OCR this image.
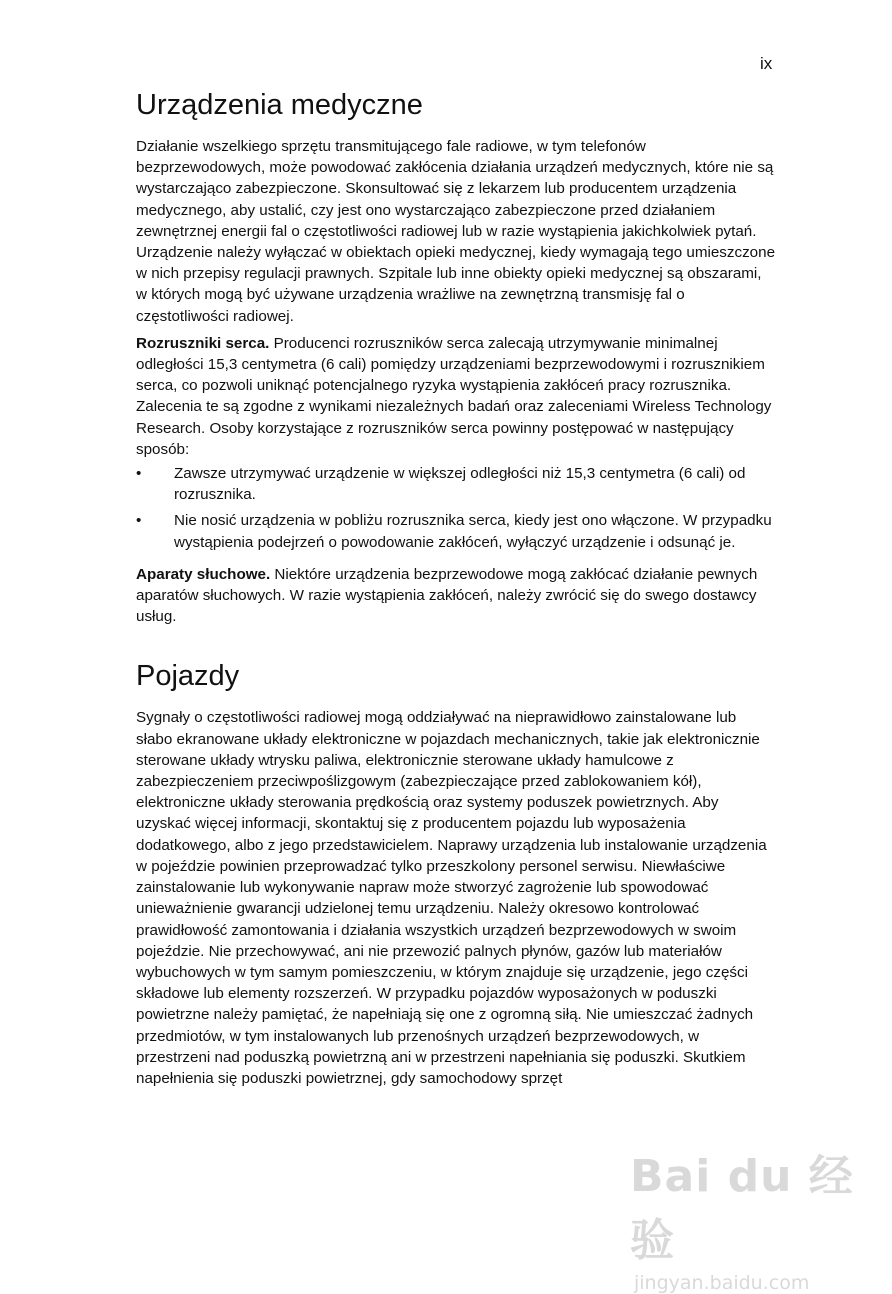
ix
Urządzenia medyczne

Działanie wszelkiego sprzętu transmitującego fale radiowe, w tym telefonów bezprzewodowych, może powodować zakłócenia działania urządzeń medycznych, które nie są wystarczająco zabezpieczone. Skonsultować się z lekarzem lub producentem urządzenia medycznego, aby ustalić, czy jest ono wystarczająco zabezpieczone przed działaniem zewnętrznej energii fal o częstotliwości radiowej lub w razie wystąpienia jakichkolwiek pytań. Urządzenie należy wyłączać w obiektach opieki medycznej, kiedy wymagają tego umieszczone w nich przepisy regulacji prawnych. Szpitale lub inne obiekty opieki medycznej są obszarami, w których mogą być używane urządzenia wrażliwe na zewnętrzną transmisję fal o częstotliwości radiowej.

Rozruszniki serca. Producenci rozruszników serca zalecają utrzymywanie minimalnej odległości 15,3 centymetra (6 cali) pomiędzy urządzeniami bezprzewodowymi i rozrusznikiem serca, co pozwoli uniknąć potencjalnego ryzyka wystąpienia zakłóceń pracy rozrusznika. Zalecenia te są zgodne z wynikami niezależnych badań oraz zaleceniami Wireless Technology Research. Osoby korzystające z rozruszników serca powinny postępować w następujący sposób:

• Zawsze utrzymywać urządzenie w większej odległości niż 15,3 centymetra (6 cali) od rozrusznika.
• Nie nosić urządzenia w pobliżu rozrusznika serca, kiedy jest ono włączone. W przypadku wystąpienia podejrzeń o powodowanie zakłóceń, wyłączyć urządzenie i odsunąć je.

Aparaty słuchowe. Niektóre urządzenia bezprzewodowe mogą zakłócać działanie pewnych aparatów słuchowych. W razie wystąpienia zakłóceń, należy zwrócić się do swego dostawcy usług.

Pojazdy

Sygnały o częstotliwości radiowej mogą oddziaływać na nieprawidłowo zainstalowane lub słabo ekranowane układy elektroniczne w pojazdach mechanicznych, takie jak elektronicznie sterowane układy wtrysku paliwa, elektronicznie sterowane układy hamulcowe z zabezpieczeniem przeciwpoślizgowym (zabezpieczające przed zablokowaniem kół), elektroniczne układy sterowania prędkością oraz systemy poduszek powietrznych. Aby uzyskać więcej informacji, skontaktuj się z producentem pojazdu lub wyposażenia dodatkowego, albo z jego przedstawicielem. Naprawy urządzenia lub instalowanie urządzenia w pojeździe powinien przeprowadzać tylko przeszkolony personel serwisu. Niewłaściwe zainstalowanie lub wykonywanie napraw może stworzyć zagrożenie lub spowodować unieważnienie gwarancji udzielonej temu urządzeniu. Należy okresowo kontrolować prawidłowość zamontowania i działania wszystkich urządzeń bezprzewodowych w swoim pojeździe. Nie przechowywać, ani nie przewozić palnych płynów, gazów lub materiałów wybuchowych w tym samym pomieszczeniu, w którym znajduje się urządzenie, jego części składowe lub elementy rozszerzeń. W przypadku pojazdów wyposażonych w poduszki powietrzne należy pamiętać, że napełniają się one z ogromną siłą. Nie umieszczać żadnych przedmiotów, w tym instalowanych lub przenośnych urządzeń bezprzewodowych, w przestrzeni nad poduszką powietrzną ani w przestrzeni napełniania się poduszki. Skutkiem napełnienia się poduszki powietrznej, gdy samochodowy sprzęt

Bai du 经验
jingyan.baidu.com
